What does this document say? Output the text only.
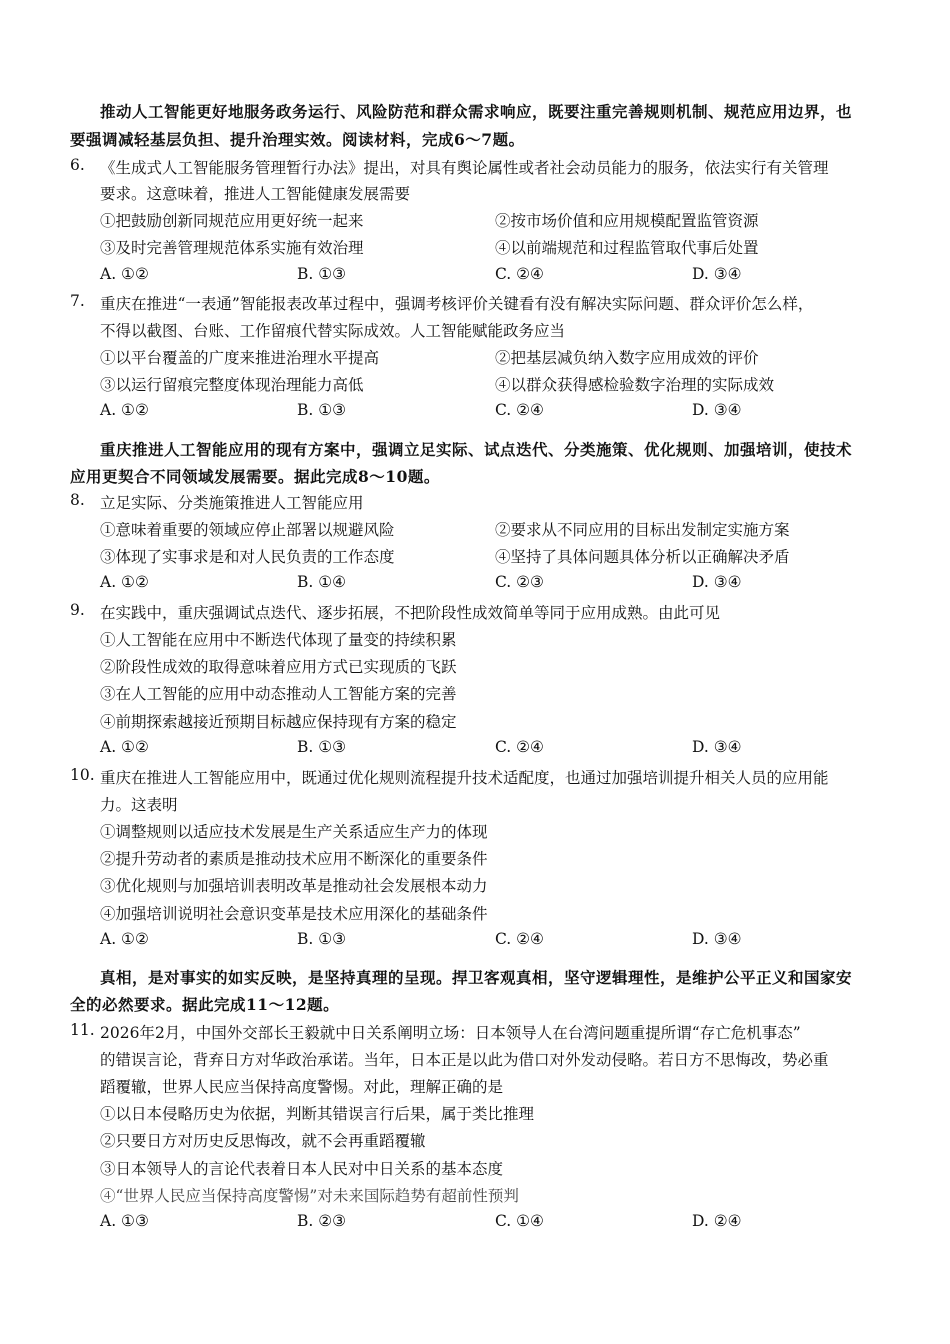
推动人工智能更好地服务政务运行、风险防范和群众需求响应，既要注重完善规则机制、规范应用边界，也
要强调减轻基层负担、提升治理实效。阅读材料，完成6～7题。
6. 《生成式人工智能服务管理暂行办法》提出，对具有舆论属性或者社会动员能力的服务，依法实行有关管理
要求。这意味着，推进人工智能健康发展需要
①把鼓励创新同规范应用更好统一起来	②按市场价值和应用规模配置监管资源
③及时完善管理规范体系实施有效治理	④以前端规范和过程监管取代事后处置
A. ①②	B. ①③	C. ②④	D. ③④
7. 重庆在推进“一表通”智能报表改革过程中，强调考核评价关键看有没有解决实际问题、群众评价怎么样，
不得以截图、台账、工作留痕代替实际成效。人工智能赋能政务应当
①以平台覆盖的广度来推进治理水平提高	②把基层减负纳入数字应用成效的评价
③以运行留痕完整度体现治理能力高低	④以群众获得感检验数字治理的实际成效
A. ①②	B. ①③	C. ②④	D. ③④
重庆推进人工智能应用的现有方案中，强调立足实际、试点迭代、分类施策、优化规则、加强培训，使技术
应用更契合不同领域发展需要。据此完成8～10题。
8. 立足实际、分类施策推进人工智能应用
①意味着重要的领域应停止部署以规避风险	②要求从不同应用的目标出发制定实施方案
③体现了实事求是和对人民负责的工作态度	④坚持了具体问题具体分析以正确解决矛盾
A. ①②	B. ①④	C. ②③	D. ③④
9. 在实践中，重庆强调试点迭代、逐步拓展，不把阶段性成效简单等同于应用成熟。由此可见
①人工智能在应用中不断迭代体现了量变的持续积累
②阶段性成效的取得意味着应用方式已实现质的飞跃
③在人工智能的应用中动态推动人工智能方案的完善
④前期探索越接近预期目标越应保持现有方案的稳定
A. ①②	B. ①③	C. ②④	D. ③④
10. 重庆在推进人工智能应用中，既通过优化规则流程提升技术适配度，也通过加强培训提升相关人员的应用能
力。这表明
①调整规则以适应技术发展是生产关系适应生产力的体现
②提升劳动者的素质是推动技术应用不断深化的重要条件
③优化规则与加强培训表明改革是推动社会发展根本动力
④加强培训说明社会意识变革是技术应用深化的基础条件
A. ①②	B. ①③	C. ②④	D. ③④
真相，是对事实的如实反映，是坚持真理的呈现。捍卫客观真相，坚守逻辑理性，是维护公平正义和国家安
全的必然要求。据此完成11～12题。
11. 2026年2月，中国外交部长王毅就中日关系阐明立场：日本领导人在台湾问题重提所谓“存亡危机事态”
的错误言论，背弃日方对华政治承诺。当年，日本正是以此为借口对外发动侵略。若日方不思悔改，势必重
蹈覆辙，世界人民应当保持高度警惕。对此，理解正确的是
①以日本侵略历史为依据，判断其错误言行后果，属于类比推理
②只要日方对历史反思悔改，就不会再重蹈覆辙
③日本领导人的言论代表着日本人民对中日关系的基本态度
④“世界人民应当保持高度警惕”对未来国际趋势有超前性预判
A. ①③	B. ②③	C. ①④	D. ②④
